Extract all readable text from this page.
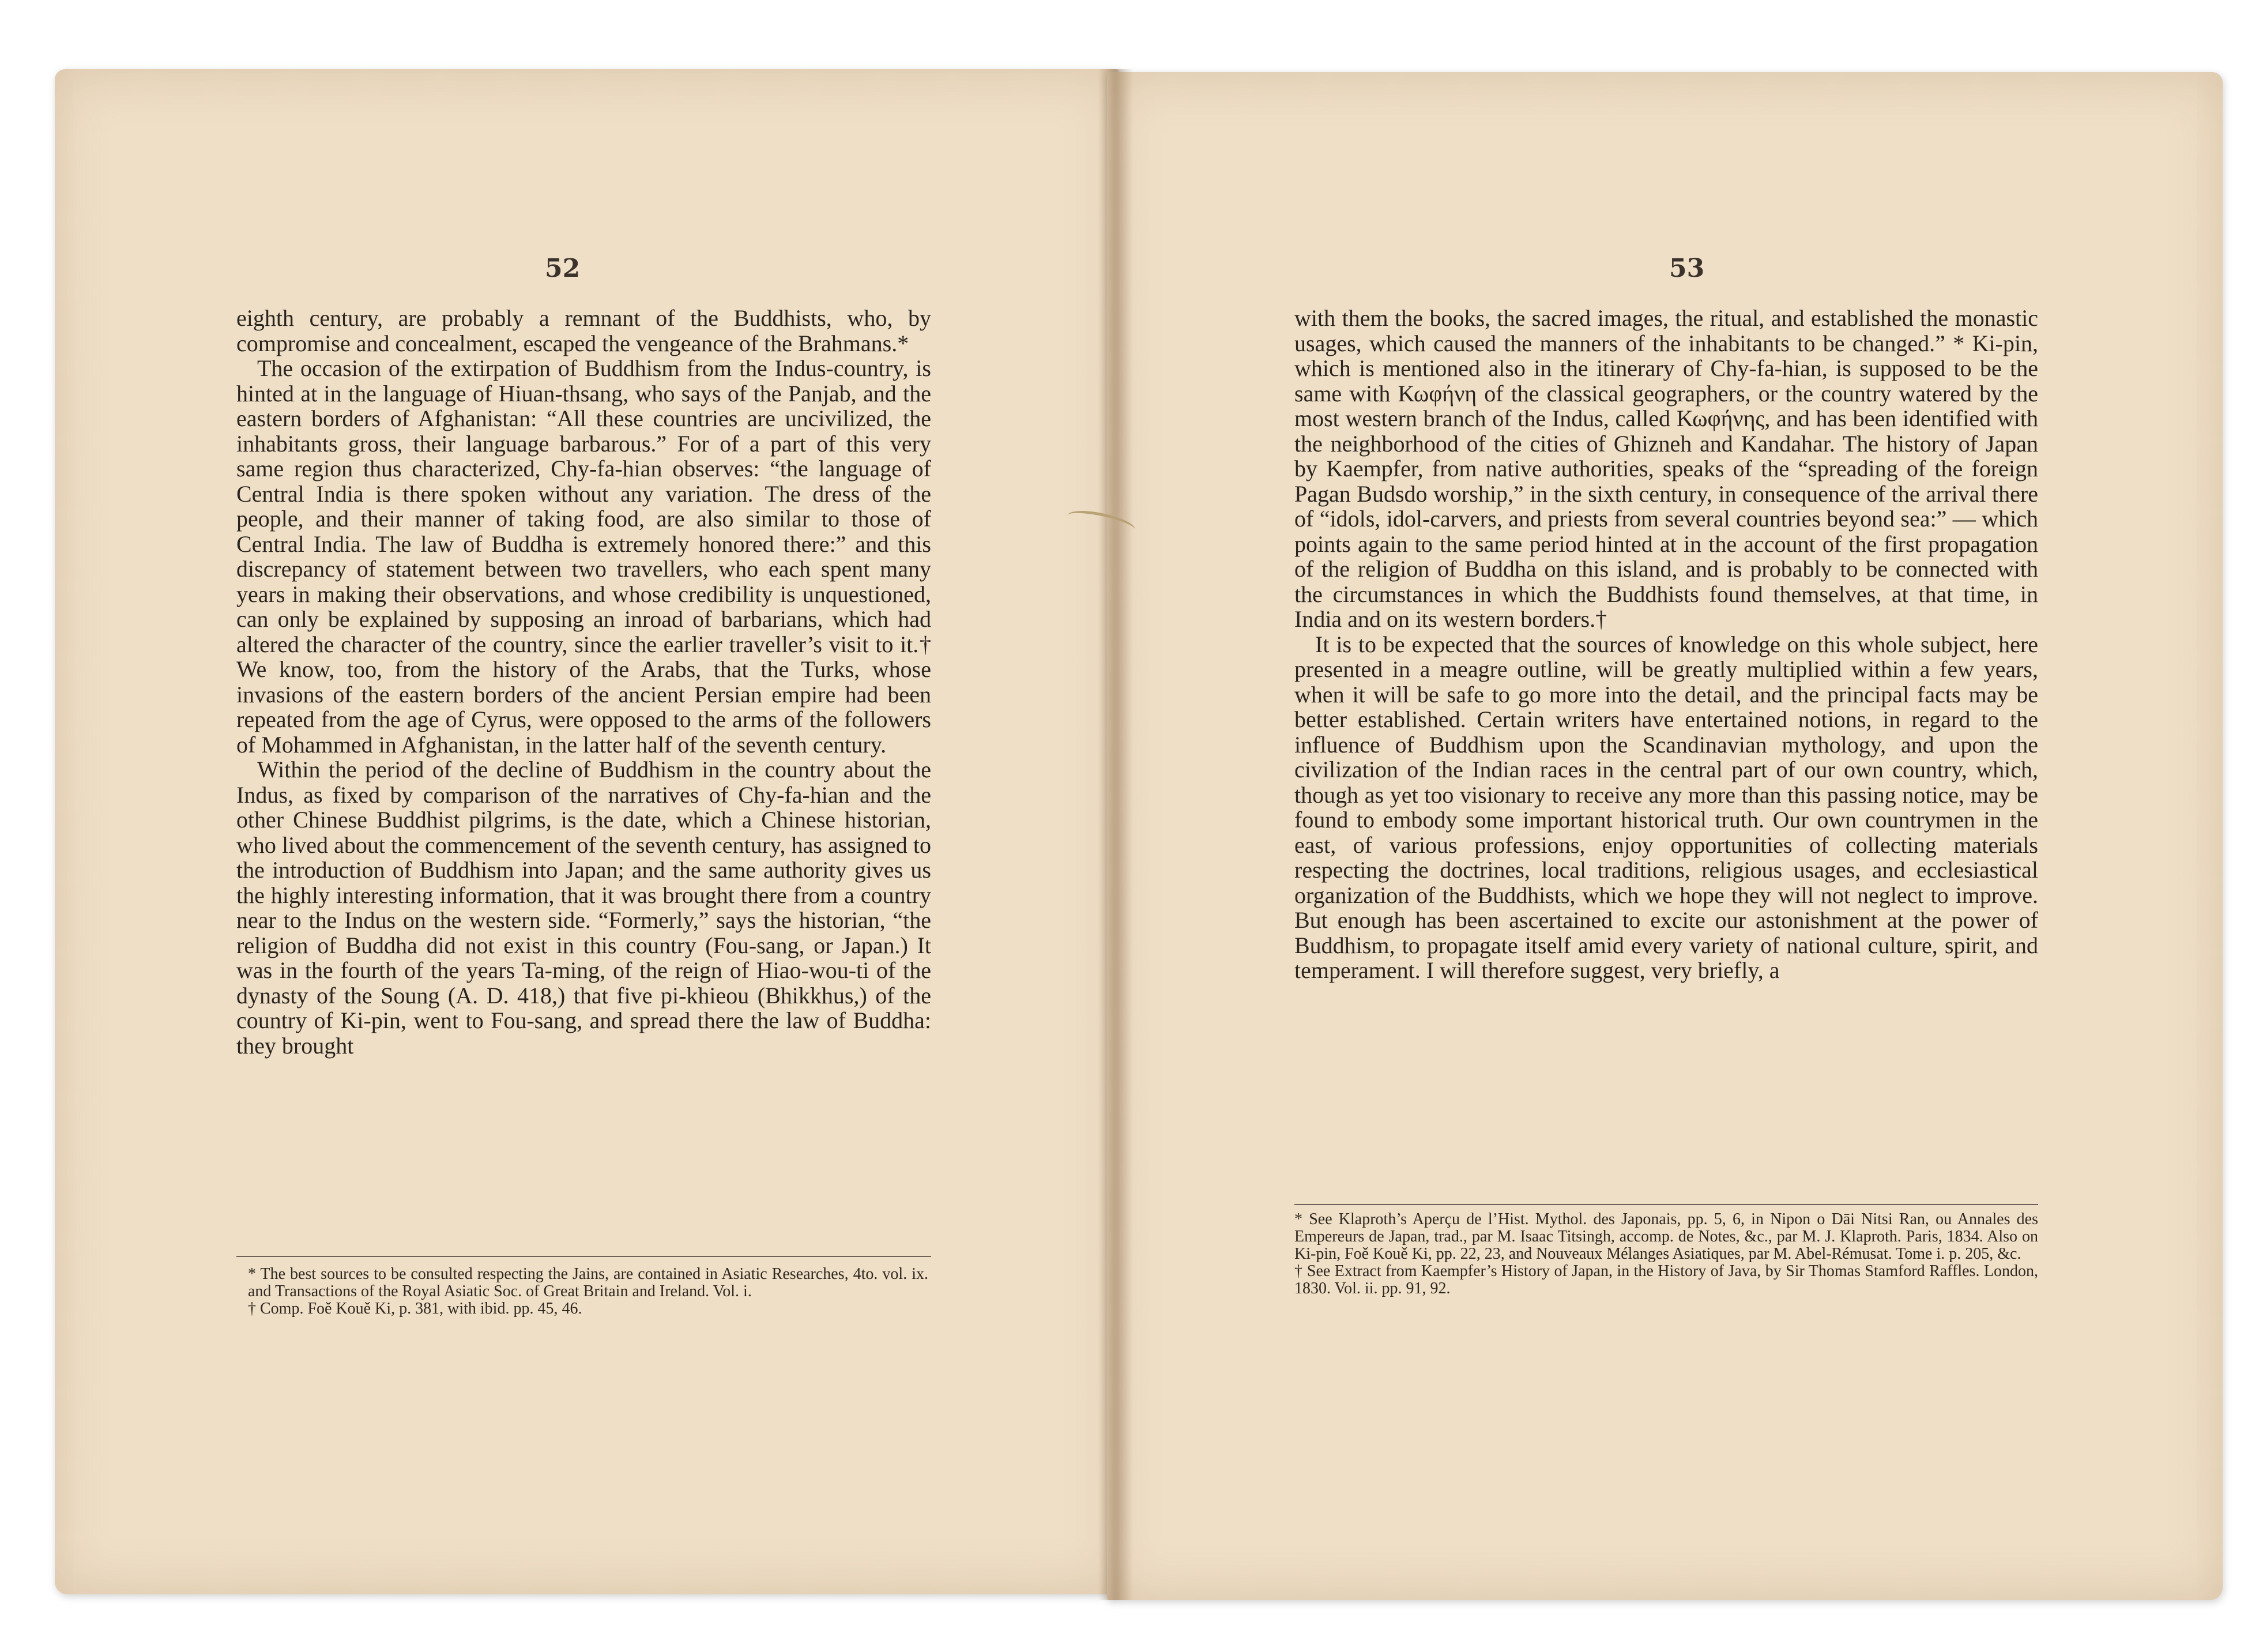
52

eighth century, are probably a remnant of the Buddhists, who, by compromise and concealment, escaped the vengeance of the Brahmans.*

The occasion of the extirpation of Buddhism from the Indus-country, is hinted at in the language of Hiuan-thsang, who says of the Panjab, and the eastern borders of Afghanistan: “All these countries are uncivilized, the inhabitants gross, their language barbarous.” For of a part of this very same region thus characterized, Chy-fa-hian observes: “the language of Central India is there spoken without any variation. The dress of the people, and their manner of taking food, are also similar to those of Central India. The law of Buddha is extremely honored there:” and this discrepancy of statement between two travellers, who each spent many years in making their observations, and whose credibility is unquestioned, can only be explained by supposing an inroad of barbarians, which had altered the character of the country, since the earlier traveller’s visit to it.† We know, too, from the history of the Arabs, that the Turks, whose invasions of the eastern borders of the ancient Persian empire had been repeated from the age of Cyrus, were opposed to the arms of the followers of Mohammed in Afghanistan, in the latter half of the seventh century.

Within the period of the decline of Buddhism in the country about the Indus, as fixed by comparison of the narratives of Chy-fa-hian and the other Chinese Buddhist pilgrims, is the date, which a Chinese historian, who lived about the commencement of the seventh century, has assigned to the introduction of Buddhism into Japan; and the same authority gives us the highly interesting information, that it was brought there from a country near to the Indus on the western side. “Formerly,” says the historian, “the religion of Buddha did not exist in this country (Fou-sang, or Japan.) It was in the fourth of the years Ta-ming, of the reign of Hiao-wou-ti of the dynasty of the Soung (A. D. 418,) that five pi-khieou (Bhikkhus,) of the country of Ki-pin, went to Fou-sang, and spread there the law of Buddha: they brought

* The best sources to be consulted respecting the Jains, are contained in Asiatic Researches, 4to. vol. ix. and Transactions of the Royal Asiatic Soc. of Great Britain and Ireland. Vol. i.

† Comp. Foě Kouě Ki, p. 381, with ibid. pp. 45, 46.

53

with them the books, the sacred images, the ritual, and established the monastic usages, which caused the manners of the inhabitants to be changed.” * Ki-pin, which is mentioned also in the itinerary of Chy-fa-hian, is supposed to be the same with Κωφήνη of the classical geographers, or the country watered by the most western branch of the Indus, called Κωφήνης, and has been identified with the neighborhood of the cities of Ghizneh and Kandahar. The history of Japan by Kaempfer, from native authorities, speaks of the “spreading of the foreign Pagan Budsdo worship,” in the sixth century, in consequence of the arrival there of “idols, idol-carvers, and priests from several countries beyond sea:” — which points again to the same period hinted at in the account of the first propagation of the religion of Buddha on this island, and is probably to be connected with the circumstances in which the Buddhists found themselves, at that time, in India and on its western borders.†

It is to be expected that the sources of knowledge on this whole subject, here presented in a meagre outline, will be greatly multiplied within a few years, when it will be safe to go more into the detail, and the principal facts may be better established. Certain writers have entertained notions, in regard to the influence of Buddhism upon the Scandinavian mythology, and upon the civilization of the Indian races in the central part of our own country, which, though as yet too visionary to receive any more than this passing notice, may be found to embody some important historical truth. Our own countrymen in the east, of various professions, enjoy opportunities of collecting materials respecting the doctrines, local traditions, religious usages, and ecclesiastical organization of the Buddhists, which we hope they will not neglect to improve. But enough has been ascertained to excite our astonishment at the power of Buddhism, to propagate itself amid every variety of national culture, spirit, and temperament. I will therefore suggest, very briefly, a

* See Klaproth’s Aperçu de l’Hist. Mythol. des Japonais, pp. 5, 6, in Nipon o Dāi Nitsi Ran, ou Annales des Empereurs de Japan, trad., par M. Isaac Titsingh, accomp. de Notes, &c., par M. J. Klaproth. Paris, 1834. Also on Ki-pin, Foě Kouě Ki, pp. 22, 23, and Nouveaux Mélanges Asiatiques, par M. Abel-Rémusat. Tome i. p. 205, &c.

† See Extract from Kaempfer’s History of Japan, in the History of Java, by Sir Thomas Stamford Raffles. London, 1830. Vol. ii. pp. 91, 92.
